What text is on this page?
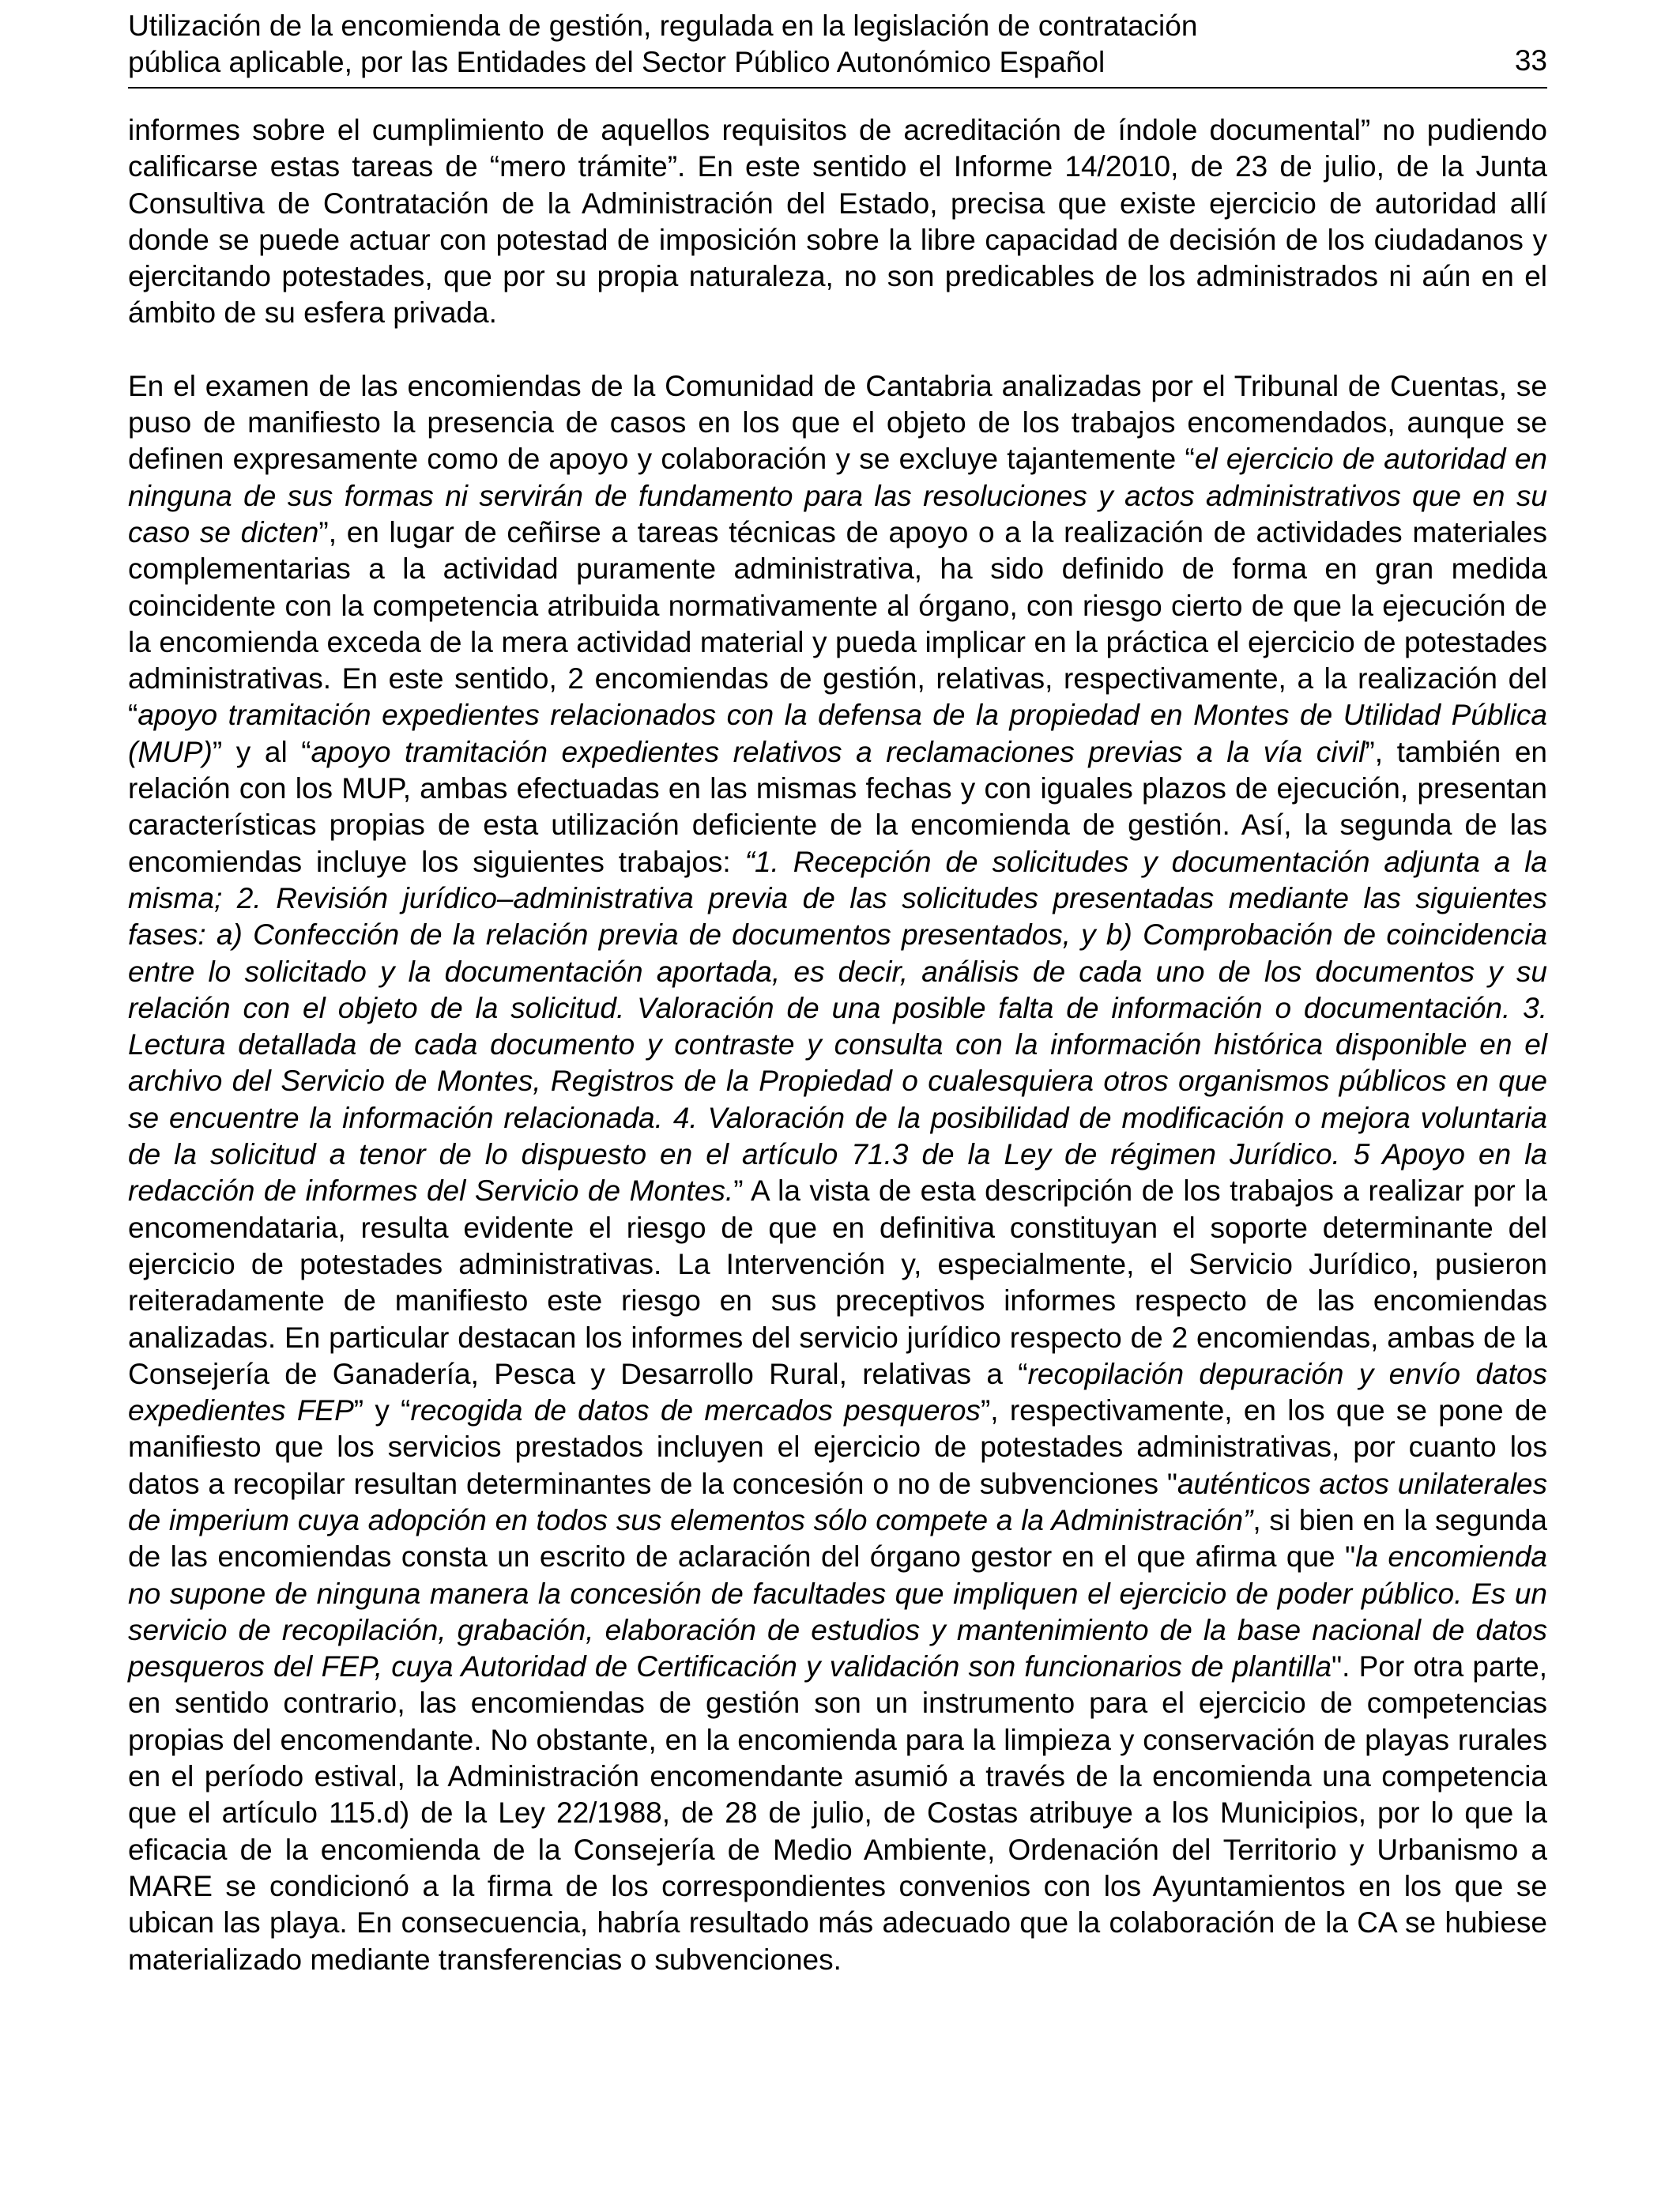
Utilización de la encomienda de gestión, regulada en la legislación de contratación
pública aplicable, por las Entidades del Sector Público Autonómico Español	33

informes sobre el cumplimiento de aquellos requisitos de acreditación de índole documental” no pudiendo calificarse estas tareas de “mero trámite”. En este sentido el Informe 14/2010, de 23 de julio, de la Junta Consultiva de Contratación de la Administración del Estado, precisa que existe ejercicio de autoridad allí donde se puede actuar con potestad de imposición sobre la libre capacidad de decisión de los ciudadanos y ejercitando potestades, que por su propia naturaleza, no son predicables de los administrados ni aún en el ámbito de su esfera privada.

En el examen de las encomiendas de la Comunidad de Cantabria analizadas por el Tribunal de Cuentas, se puso de manifiesto la presencia de casos en los que el objeto de los trabajos encomendados, aunque se definen expresamente como de apoyo y colaboración y se excluye tajantemente “el ejercicio de autoridad en ninguna de sus formas ni servirán de fundamento para las resoluciones y actos administrativos que en su caso se dicten”, en lugar de ceñirse a tareas técnicas de apoyo o a la realización de actividades materiales complementarias a la actividad puramente administrativa, ha sido definido de forma en gran medida coincidente con la competencia atribuida normativamente al órgano, con riesgo cierto de que la ejecución de la encomienda exceda de la mera actividad material y pueda implicar en la práctica el ejercicio de potestades administrativas. En este sentido, 2 encomiendas de gestión, relativas, respectivamente, a la realización del “apoyo tramitación expedientes relacionados con la defensa de la propiedad en Montes de Utilidad Pública (MUP)” y al “apoyo tramitación expedientes relativos a reclamaciones previas a la vía civil”, también en relación con los MUP, ambas efectuadas en las mismas fechas y con iguales plazos de ejecución, presentan características propias de esta utilización deficiente de la encomienda de gestión. Así, la segunda de las encomiendas incluye los siguientes trabajos: “1. Recepción de solicitudes y documentación adjunta a la misma; 2. Revisión jurídico–administrativa previa de las solicitudes presentadas mediante las siguientes fases: a) Confección de la relación previa de documentos presentados, y b) Comprobación de coincidencia entre lo solicitado y la documentación aportada, es decir, análisis de cada uno de los documentos y su relación con el objeto de la solicitud. Valoración de una posible falta de información o documentación. 3. Lectura detallada de cada documento y contraste y consulta con la información histórica disponible en el archivo del Servicio de Montes, Registros de la Propiedad o cualesquiera otros organismos públicos en que se encuentre la información relacionada. 4. Valoración de la posibilidad de modificación o mejora voluntaria de la solicitud a tenor de lo dispuesto en el artículo 71.3 de la Ley de régimen Jurídico. 5 Apoyo en la redacción de informes del Servicio de Montes.” A la vista de esta descripción de los trabajos a realizar por la encomendataria, resulta evidente el riesgo de que en definitiva constituyan el soporte determinante del ejercicio de potestades administrativas. La Intervención y, especialmente, el Servicio Jurídico, pusieron reiteradamente de manifiesto este riesgo en sus preceptivos informes respecto de las encomiendas analizadas. En particular destacan los informes del servicio jurídico respecto de 2 encomiendas, ambas de la Consejería de Ganadería, Pesca y Desarrollo Rural, relativas a “recopilación depuración y envío datos expedientes FEP” y “recogida de datos de mercados pesqueros”, respectivamente, en los que se pone de manifiesto que los servicios prestados incluyen el ejercicio de potestades administrativas, por cuanto los datos a recopilar resultan determinantes de la concesión o no de subvenciones "auténticos actos unilaterales de imperium cuya adopción en todos sus elementos sólo compete a la Administración”, si bien en la segunda de las encomiendas consta un escrito de aclaración del órgano gestor en el que afirma que "la encomienda no supone de ninguna manera la concesión de facultades que impliquen el ejercicio de poder público. Es un servicio de recopilación, grabación, elaboración de estudios y mantenimiento de la base nacional de datos pesqueros del FEP, cuya Autoridad de Certificación y validación son funcionarios de plantilla". Por otra parte, en sentido contrario, las encomiendas de gestión son un instrumento para el ejercicio de competencias propias del encomendante. No obstante, en la encomienda para la limpieza y conservación de playas rurales en el período estival, la Administración encomendante asumió a través de la encomienda una competencia que el artículo 115.d) de la Ley 22/1988, de 28 de julio, de Costas atribuye a los Municipios, por lo que la eficacia de la encomienda de la Consejería de Medio Ambiente, Ordenación del Territorio y Urbanismo a MARE se condicionó a la firma de los correspondientes convenios con los Ayuntamientos en los que se ubican las playa. En consecuencia, habría resultado más adecuado que la colaboración de la CA se hubiese materializado mediante transferencias o subvenciones.
